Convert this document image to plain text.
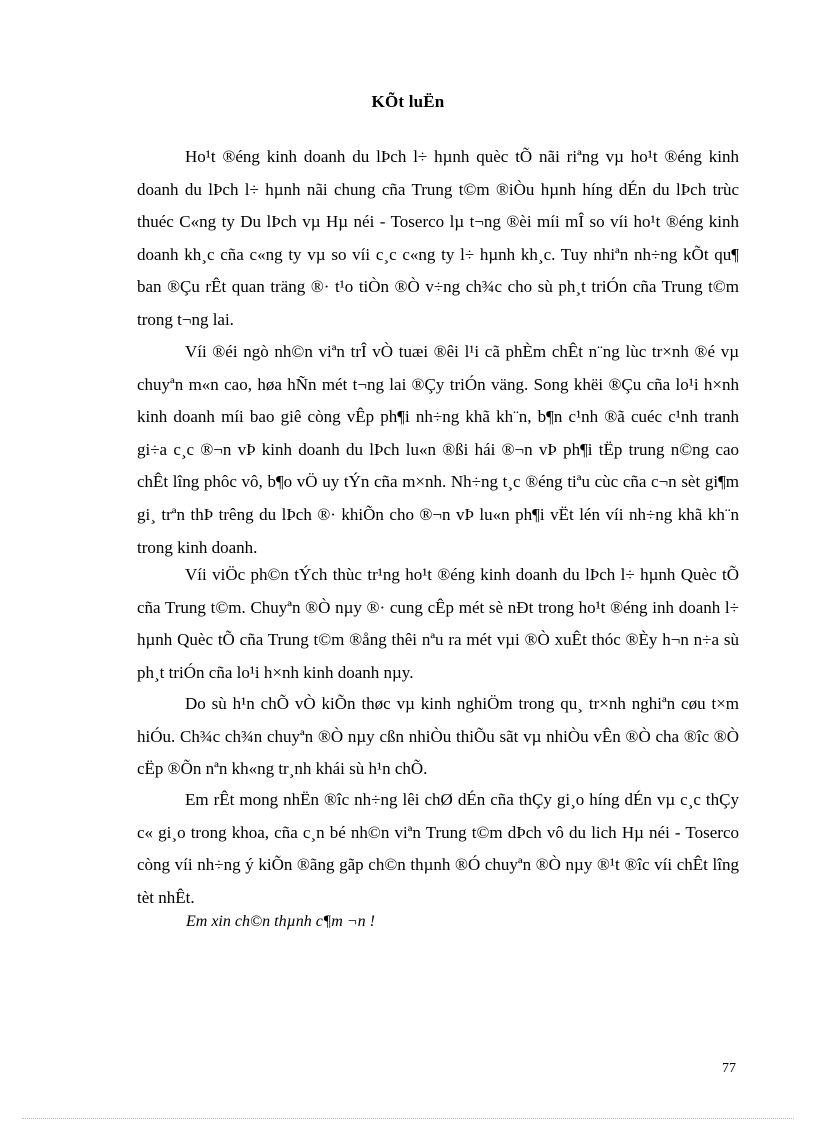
KÕt luËn

Ho¹t ®éng kinh doanh du lÞch l÷ hµnh quèc tÕ nãi riªng vµ ho¹t ®éng kinh doanh du lÞch l÷ hµnh nãi chung cña Trung t©m ®iÒu hµnh híng dÉn du lÞch trùc thuéc C«ng ty Du lÞch vµ Hµ néi - Toserco lµ t¬ng ®èi míi mÎ so víi ho¹t ®éng kinh doanh kh¸c cña c«ng ty vµ so víi c¸c c«ng ty l÷ hµnh kh¸c. Tuy nhiªn nh÷ng kÕt qu¶ ban ®Çu rÊt quan träng ®· t¹o tiÒn ®Ò v÷ng ch¾c cho sù ph¸t triÓn cña Trung t©m trong t¬ng lai.

Víi ®éi ngò nh©n viªn trÎ vÒ tuæi ®êi l¹i cã phÈm chÊt n¨ng lùc tr×nh ®é vµ chuyªn m«n cao, høa hÑn mét t¬ng lai ®Çy triÓn väng. Song khëi ®Çu cña lo¹i h×nh kinh doanh míi bao giê còng vÊp ph¶i nh÷ng khã kh¨n, b¶n c¹nh ®ã cuéc c¹nh tranh gi÷a c¸c ®¬n vÞ kinh doanh du lÞch lu«n ®ßi hái ®¬n vÞ ph¶i tËp trung n©ng cao chÊt lîng phôc vô, b¶o vÖ uy tÝn cña m×nh. Nh÷ng t¸c ®éng tiªu cùc cña c¬n sèt gi¶m gi¸ trªn thÞ trêng du lÞch ®· khiÕn cho ®¬n vÞ lu«n ph¶i vËt lén víi nh÷ng khã kh¨n trong kinh doanh.

Víi viÖc ph©n tÝch thùc tr¹ng ho¹t ®éng kinh doanh du lÞch l÷ hµnh Quèc tÕ cña Trung t©m. Chuyªn ®Ò nµy ®· cung cÊp mét sè nÐt trong ho¹t ®éng inh doanh l÷ hµnh Quèc tÕ cña Trung t©m ®ång thêi nªu ra mét vµi ®Ò xuÊt thóc ®Èy h¬n n÷a sù ph¸t triÓn cña lo¹i h×nh kinh doanh nµy.

Do sù h¹n chÕ vÒ kiÕn thøc vµ kinh nghiÖm trong qu¸ tr×nh nghiªn cøu t×m hiÓu. Ch¾c ch¾n chuyªn ®Ò nµy cßn nhiÒu thiÕu sãt vµ nhiÒu vÊn ®Ò cha ®îc ®Ò cËp ®Õn nªn kh«ng tr¸nh khái sù h¹n chÕ.

Em rÊt mong nhËn ®îc nh÷ng lêi chØ dÉn cña thÇy gi¸o híng dÉn vµ c¸c thÇy c« gi¸o trong khoa, cña c¸n bé nh©n viªn Trung t©m dÞch vô du lich Hµ néi - Toserco còng víi nh÷ng ý kiÕn ®ãng gãp ch©n thµnh ®Ó chuyªn ®Ò nµy ®¹t ®îc víi chÊt lîng tèt nhÊt.

Em xin ch©n thµnh c¶m ¬n !
77
